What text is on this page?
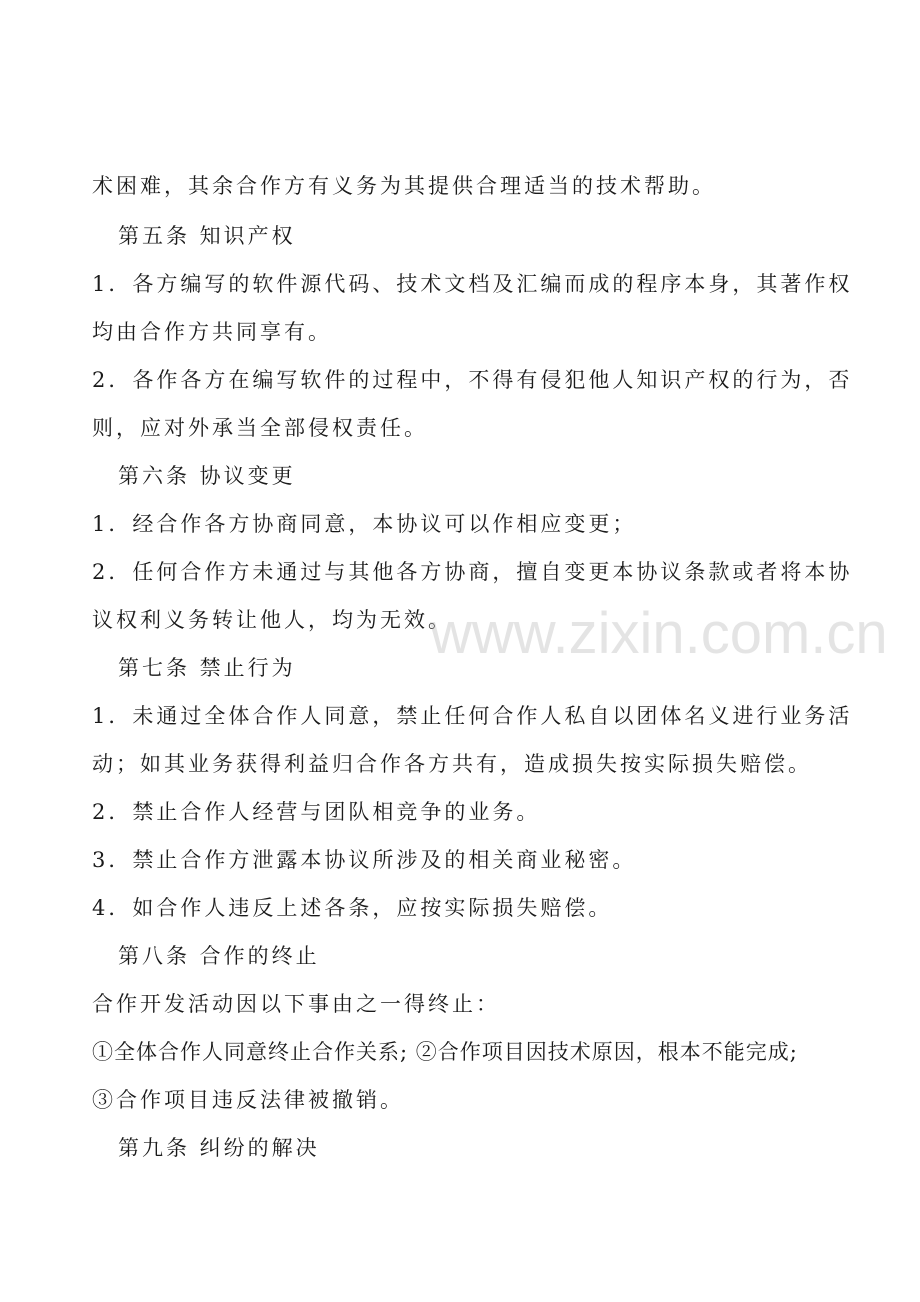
术困难，其余合作方有义务为其提供合理适当的技术帮助。
第五条 知识产权
1．各方编写的软件源代码、技术文档及汇编而成的程序本身，其著作权
均由合作方共同享有。
2．各作各方在编写软件的过程中，不得有侵犯他人知识产权的行为，否
则，应对外承当全部侵权责任。
第六条 协议变更
1．经合作各方协商同意，本协议可以作相应变更；
2．任何合作方未通过与其他各方协商，擅自变更本协议条款或者将本协
议权利义务转让他人，均为无效。
第七条 禁止行为
1．未通过全体合作人同意，禁止任何合作人私自以团体名义进行业务活
动；如其业务获得利益归合作各方共有，造成损失按实际损失赔偿。
2．禁止合作人经营与团队相竞争的业务。
3．禁止合作方泄露本协议所涉及的相关商业秘密。
4．如合作人违反上述各条，应按实际损失赔偿。
第八条 合作的终止
合作开发活动因以下事由之一得终止：
①全体合作人同意终止合作关系; ②合作项目因技术原因，根本不能完成;
③合作项目违反法律被撤销。
第九条 纠纷的解决
www.zixin.com.cn
